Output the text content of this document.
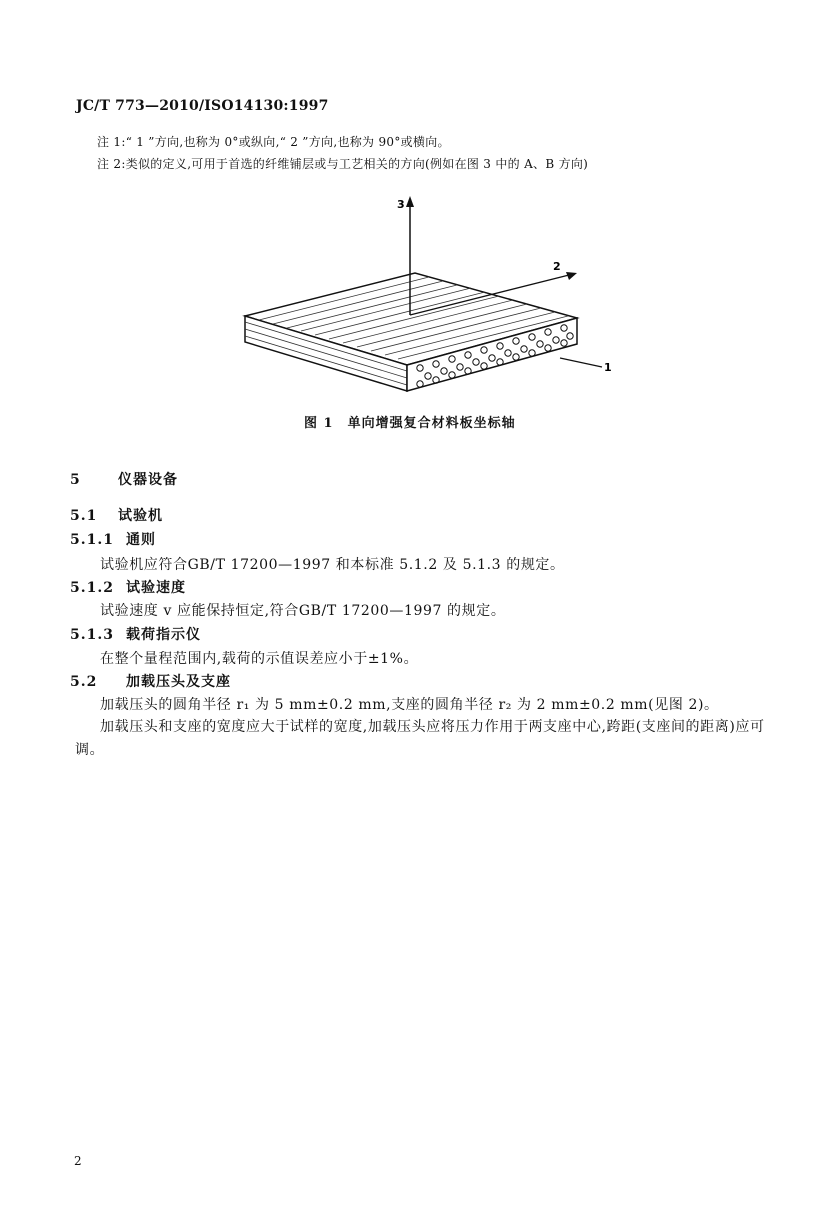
JC/T 773—2010/ISO14130:1997
注 1:“ 1 ”方向,也称为 0°或纵向,“ 2 ”方向,也称为 90°或横向。
注 2:类似的定义,可用于首选的纤维铺层或与工艺相关的方向(例如在图 3 中的 A、B 方向)
3
2
1
图 1　单向增强复合材料板坐标轴
5	仪器设备
5.1 试验机
5.1.1 通则
试验机应符合GB/T 17200—1997 和本标准 5.1.2 及 5.1.3 的规定。
5.1.2 试验速度
试验速度 v 应能保持恒定,符合GB/T 17200—1997 的规定。
5.1.3 载荷指示仪
在整个量程范围内,载荷的示值误差应小于±1%。
5.2 加载压头及支座
加载压头的圆角半径 r₁ 为 5 mm±0.2 mm,支座的圆角半径 r₂ 为 2 mm±0.2 mm(见图 2)。
加载压头和支座的宽度应大于试样的宽度,加载压头应将压力作用于两支座中心,跨距(支座间的距离)应可调。
2
